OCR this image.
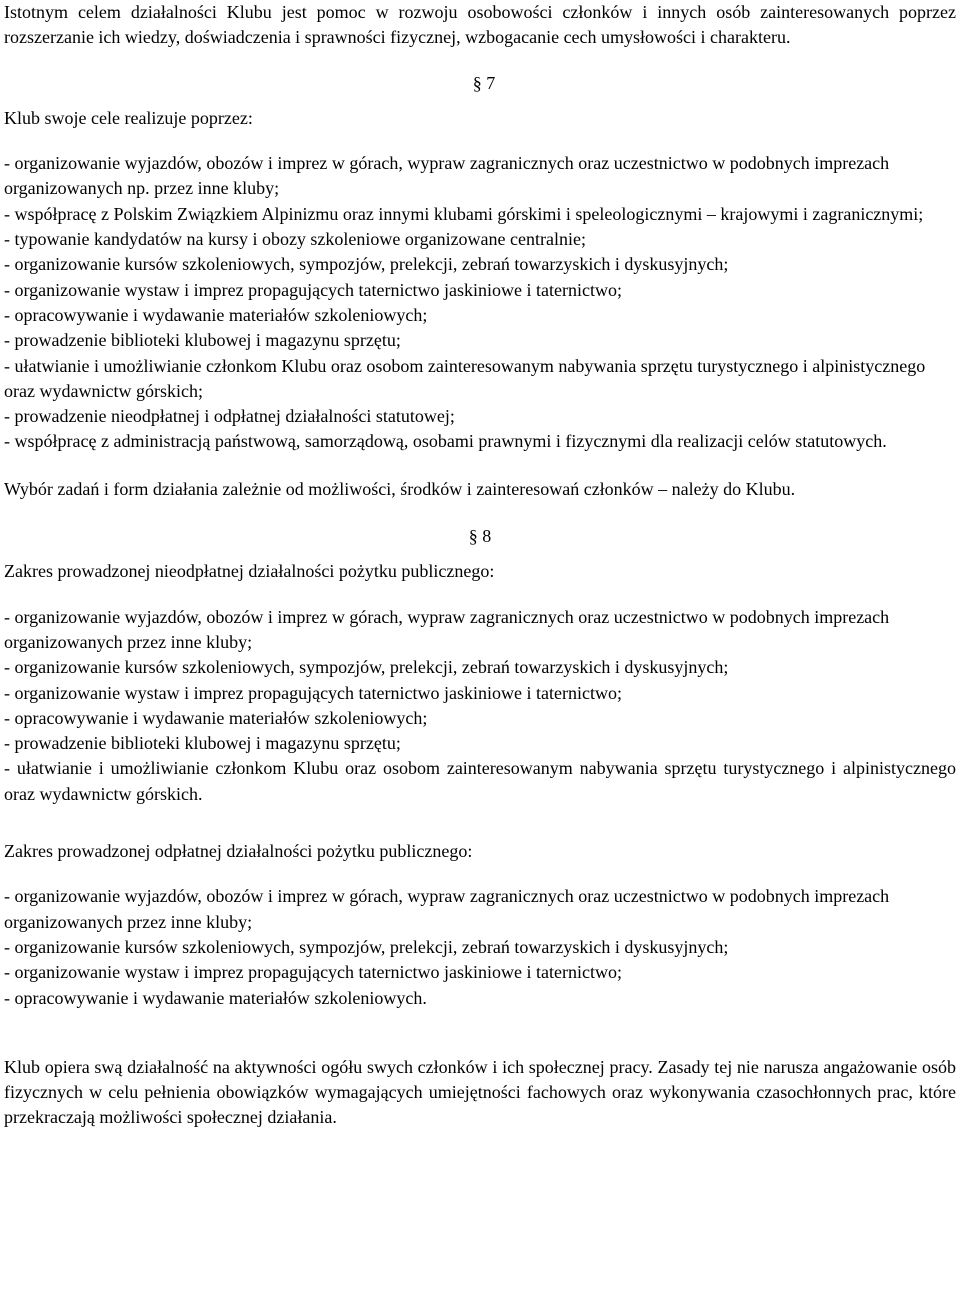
Istotnym celem działalności Klubu jest pomoc w rozwoju osobowości członków i innych osób zainteresowanych poprzez rozszerzanie ich wiedzy, doświadczenia i sprawności fizycznej, wzbogacanie cech umysłowości i charakteru.

§ 7

Klub swoje cele realizuje poprzez:

- organizowanie wyjazdów, obozów i imprez w górach, wypraw zagranicznych oraz uczestnictwo w podobnych imprezach organizowanych np. przez inne kluby;

- współpracę z Polskim Związkiem Alpinizmu oraz innymi klubami górskimi i speleologicznymi – krajowymi i zagranicznymi;

- typowanie kandydatów na kursy i obozy szkoleniowe organizowane centralnie;

- organizowanie kursów szkoleniowych, sympozjów, prelekcji, zebrań towarzyskich i dyskusyjnych;

- organizowanie wystaw i imprez propagujących taternictwo jaskiniowe i taternictwo;

- opracowywanie i wydawanie materiałów szkoleniowych;

- prowadzenie biblioteki klubowej i magazynu sprzętu;

- ułatwianie i umożliwianie członkom Klubu oraz osobom zainteresowanym nabywania sprzętu turystycznego i alpinistycznego oraz wydawnictw górskich;

- prowadzenie nieodpłatnej i odpłatnej działalności statutowej;

- współpracę z administracją państwową, samorządową, osobami prawnymi i fizycznymi dla realizacji celów statutowych.

Wybór zadań i form działania zależnie od możliwości, środków i zainteresowań członków – należy do Klubu.

§ 8

Zakres prowadzonej nieodpłatnej działalności pożytku publicznego:

- organizowanie wyjazdów, obozów i imprez w górach, wypraw zagranicznych oraz uczestnictwo w podobnych imprezach organizowanych przez inne kluby;

- organizowanie kursów szkoleniowych, sympozjów, prelekcji, zebrań towarzyskich i dyskusyjnych;

- organizowanie wystaw i imprez propagujących taternictwo jaskiniowe i taternictwo;

- opracowywanie i wydawanie materiałów szkoleniowych;

- prowadzenie biblioteki klubowej i magazynu sprzętu;

- ułatwianie i umożliwianie członkom Klubu oraz osobom zainteresowanym nabywania sprzętu turystycznego i alpinistycznego oraz wydawnictw górskich.

Zakres prowadzonej odpłatnej działalności pożytku publicznego:

- organizowanie wyjazdów, obozów i imprez w górach, wypraw zagranicznych oraz uczestnictwo w podobnych imprezach organizowanych przez inne kluby;

- organizowanie kursów szkoleniowych, sympozjów, prelekcji, zebrań towarzyskich i dyskusyjnych;

- organizowanie wystaw i imprez propagujących taternictwo jaskiniowe i taternictwo;

- opracowywanie i wydawanie materiałów szkoleniowych.

Klub opiera swą działalność na aktywności ogółu swych członków i ich społecznej pracy. Zasady tej nie narusza angażowanie osób fizycznych w celu pełnienia obowiązków wymagających umiejętności fachowych oraz wykonywania czasochłonnych prac, które przekraczają możliwości społecznej działania.
